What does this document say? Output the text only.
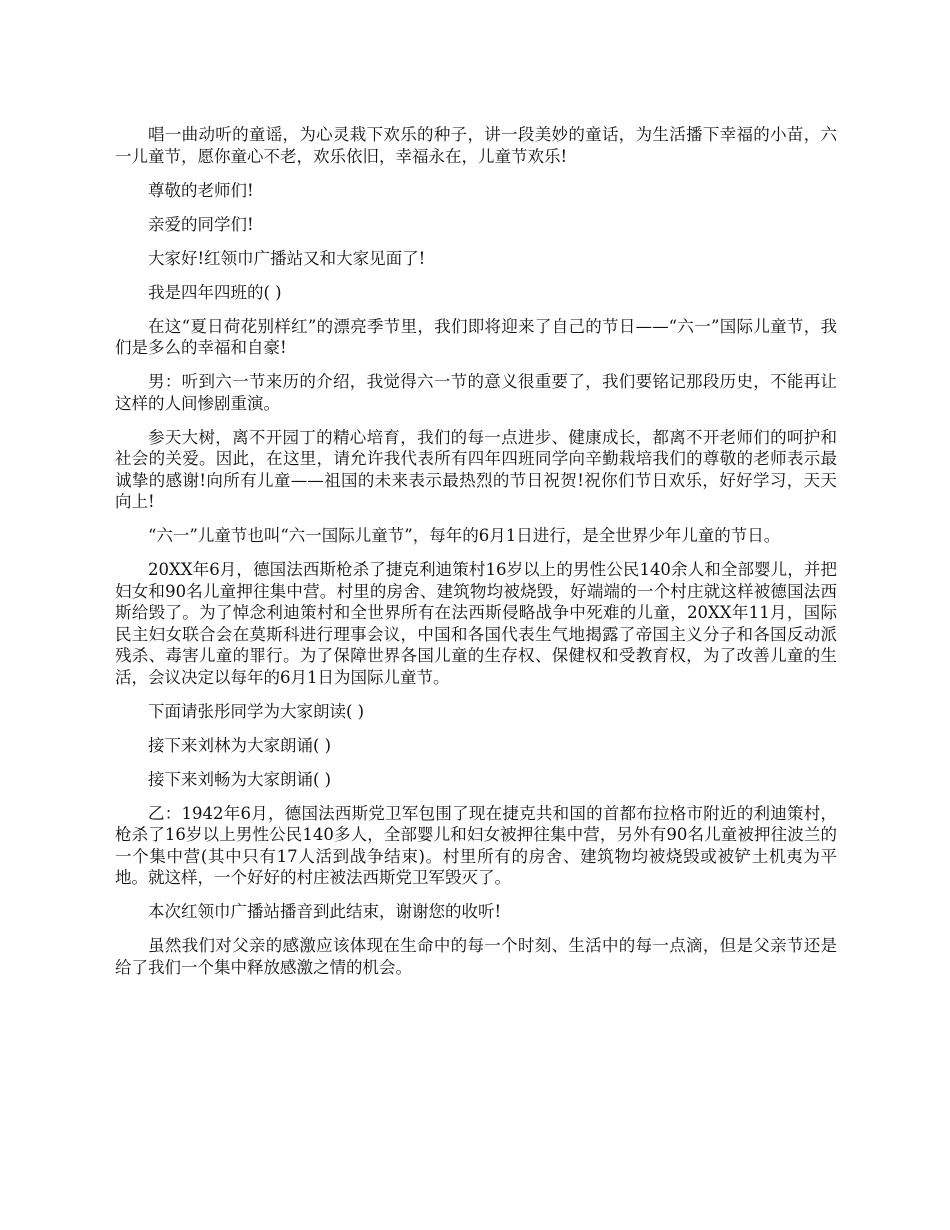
唱一曲动听的童谣，为心灵栽下欢乐的种子，讲一段美妙的童话，为生活播下幸福的小苗，六一儿童节，愿你童心不老，欢乐依旧，幸福永在，儿童节欢乐!

尊敬的老师们!

亲爱的同学们!

大家好!红领巾广播站又和大家见面了!

我是四年四班的( )

在这“夏日荷花别样红”的漂亮季节里，我们即将迎来了自己的节日——“六一”国际儿童节，我们是多么的幸福和自豪!

男：听到六一节来历的介绍，我觉得六一节的意义很重要了，我们要铭记那段历史，不能再让这样的人间惨剧重演。

参天大树，离不开园丁的精心培育，我们的每一点进步、健康成长，都离不开老师们的呵护和社会的关爱。因此，在这里，请允许我代表所有四年四班同学向辛勤栽培我们的尊敬的老师表示最诚挚的感谢!向所有儿童——祖国的未来表示最热烈的节日祝贺!祝你们节日欢乐，好好学习，天天向上!

“六一”儿童节也叫“六一国际儿童节”，每年的6月1日进行，是全世界少年儿童的节日。

20XX年6月，德国法西斯枪杀了捷克利迪策村16岁以上的男性公民140余人和全部婴儿，并把妇女和90名儿童押往集中营。村里的房舍、建筑物均被烧毁，好端端的一个村庄就这样被德国法西斯给毁了。为了悼念利迪策村和全世界所有在法西斯侵略战争中死难的儿童，20XX年11月，国际民主妇女联合会在莫斯科进行理事会议，中国和各国代表生气地揭露了帝国主义分子和各国反动派残杀、毒害儿童的罪行。为了保障世界各国儿童的生存权、保健权和受教育权，为了改善儿童的生活，会议决定以每年的6月1日为国际儿童节。

下面请张彤同学为大家朗读( )

接下来刘林为大家朗诵( )

接下来刘畅为大家朗诵( )

乙：1942年6月，德国法西斯党卫军包围了现在捷克共和国的首都布拉格市附近的利迪策村，枪杀了16岁以上男性公民140多人，全部婴儿和妇女被押往集中营，另外有90名儿童被押往波兰的一个集中营(其中只有17人活到战争结束)。村里所有的房舍、建筑物均被烧毁或被铲土机夷为平地。就这样，一个好好的村庄被法西斯党卫军毁灭了。

本次红领巾广播站播音到此结束，谢谢您的收听!

虽然我们对父亲的感激应该体现在生命中的每一个时刻、生活中的每一点滴，但是父亲节还是给了我们一个集中释放感激之情的机会。
